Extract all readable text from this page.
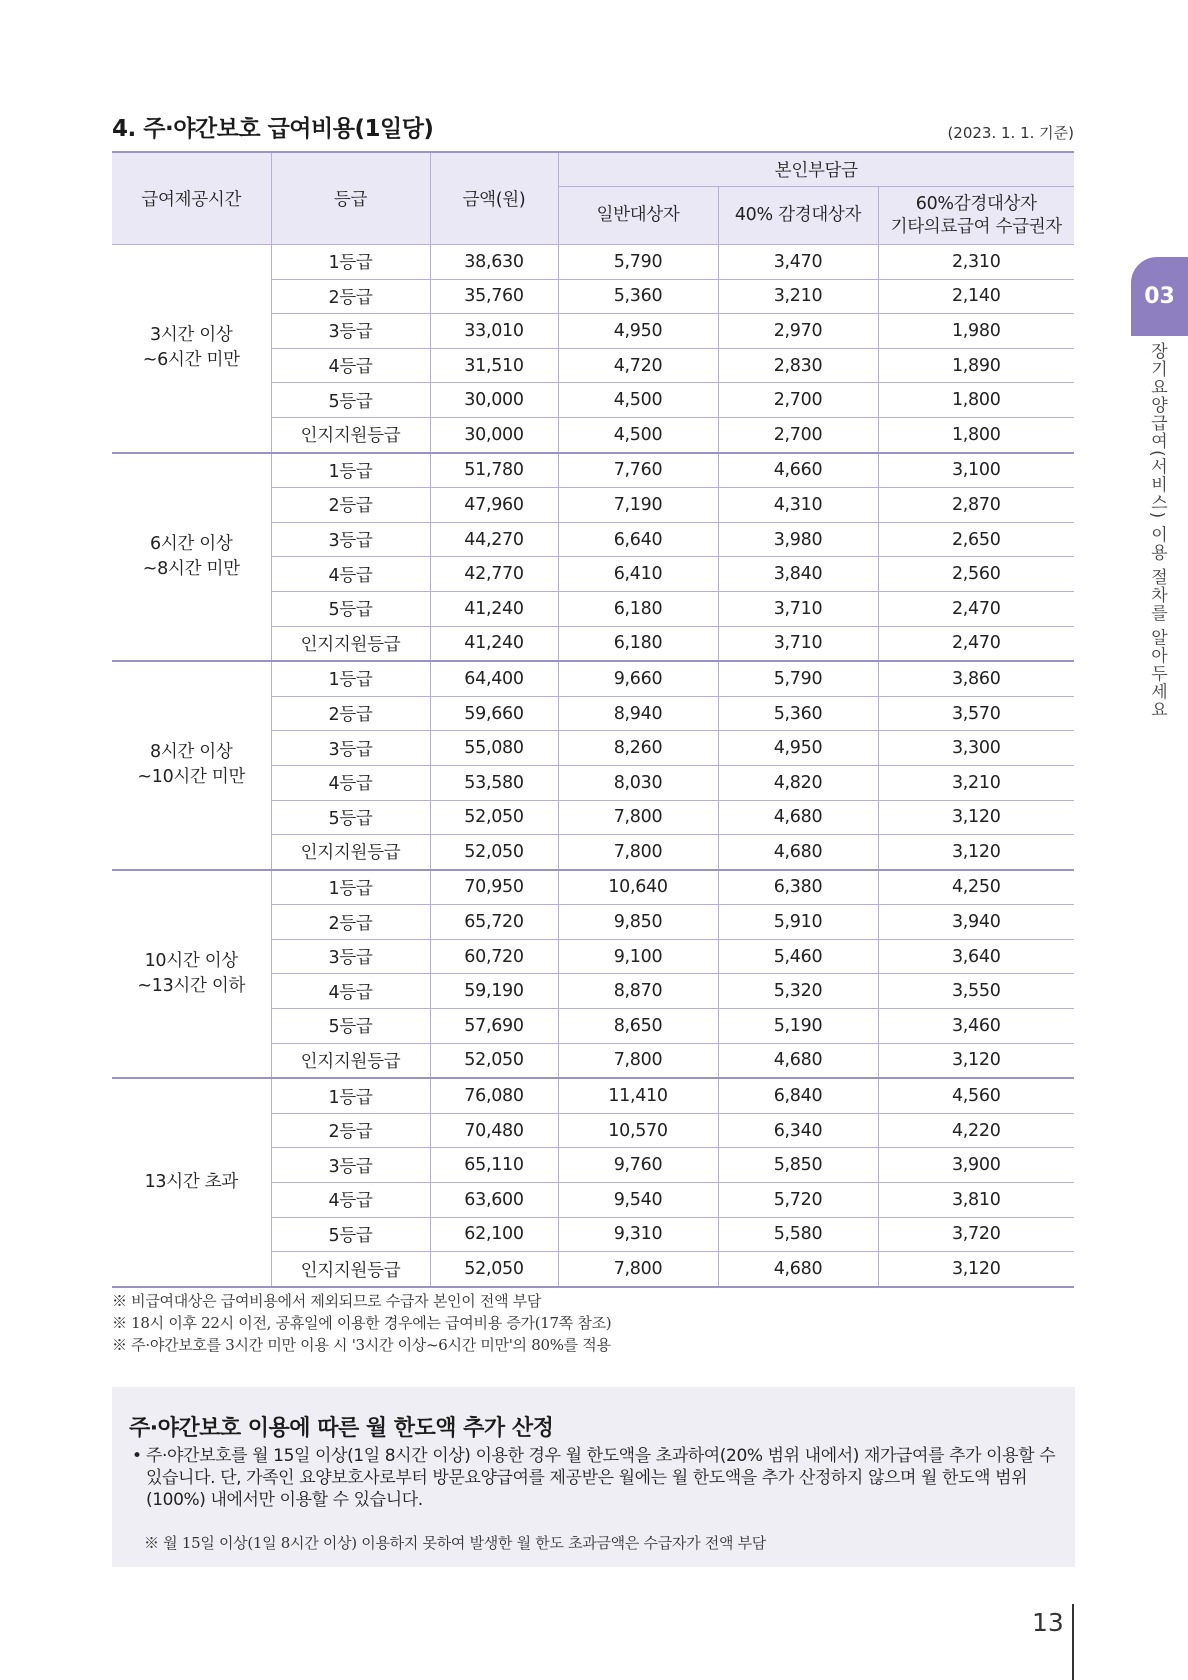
4. 주·야간보호 급여비용(1일당)	(2023. 1. 1. 기준)
급여제공시간	등급	금액(원)	본인부담금		
			일반대상자	40% 감경대상자	60%감경대상자
기타의료급여 수급권자

3시간 이상
~6시간 미만	1등급	38,630	5,790	3,470	2,310
	2등급	35,760	5,360	3,210	2,140
	3등급	33,010	4,950	2,970	1,980
	4등급	31,510	4,720	2,830	1,890
	5등급	30,000	4,500	2,700	1,800
	인지지원등급	30,000	4,500	2,700	1,800

6시간 이상
~8시간 미만	1등급	51,780	7,760	4,660	3,100
	2등급	47,960	7,190	4,310	2,870
	3등급	44,270	6,640	3,980	2,650
	4등급	42,770	6,410	3,840	2,560
	5등급	41,240	6,180	3,710	2,470
	인지지원등급	41,240	6,180	3,710	2,470

8시간 이상
~10시간 미만	1등급	64,400	9,660	5,790	3,860
	2등급	59,660	8,940	5,360	3,570
	3등급	55,080	8,260	4,950	3,300
	4등급	53,580	8,030	4,820	3,210
	5등급	52,050	7,800	4,680	3,120
	인지지원등급	52,050	7,800	4,680	3,120

10시간 이상
~13시간 이하	1등급	70,950	10,640	6,380	4,250
	2등급	65,720	9,850	5,910	3,940
	3등급	60,720	9,100	5,460	3,640
	4등급	59,190	8,870	5,320	3,550
	5등급	57,690	8,650	5,190	3,460
	인지지원등급	52,050	7,800	4,680	3,120

13시간 초과	1등급	76,080	11,410	6,840	4,560
	2등급	70,480	10,570	6,340	4,220
	3등급	65,110	9,760	5,850	3,900
	4등급	63,600	9,540	5,720	3,810
	5등급	62,100	9,310	5,580	3,720
	인지지원등급	52,050	7,800	4,680	3,120
※ 비급여대상은 급여비용에서 제외되므로 수급자 본인이 전액 부담
※ 18시 이후 22시 이전, 공휴일에 이용한 경우에는 급여비용 증가(17쪽 참조)
※ 주·야간보호를 3시간 미만 이용 시 '3시간 이상~6시간 미만'의 80%를 적용
주·야간보호 이용에 따른 월 한도액 추가 산정
• 주·야간보호를 월 15일 이상(1일 8시간 이상) 이용한 경우 월 한도액을 초과하여(20% 범위 내에서) 재가급여를 추가 이용할 수 있습니다. 단, 가족인 요양보호사로부터 방문요양급여를 제공받은 월에는 월 한도액을 추가 산정하지 않으며 월 한도액 범위(100%) 내에서만 이용할 수 있습니다.
※ 월 15일 이상(1일 8시간 이상) 이용하지 못하여 발생한 월 한도 초과금액은 수급자가 전액 부담
03
장기요양급여(서비스) 이용 절차를 알아두세요
13
